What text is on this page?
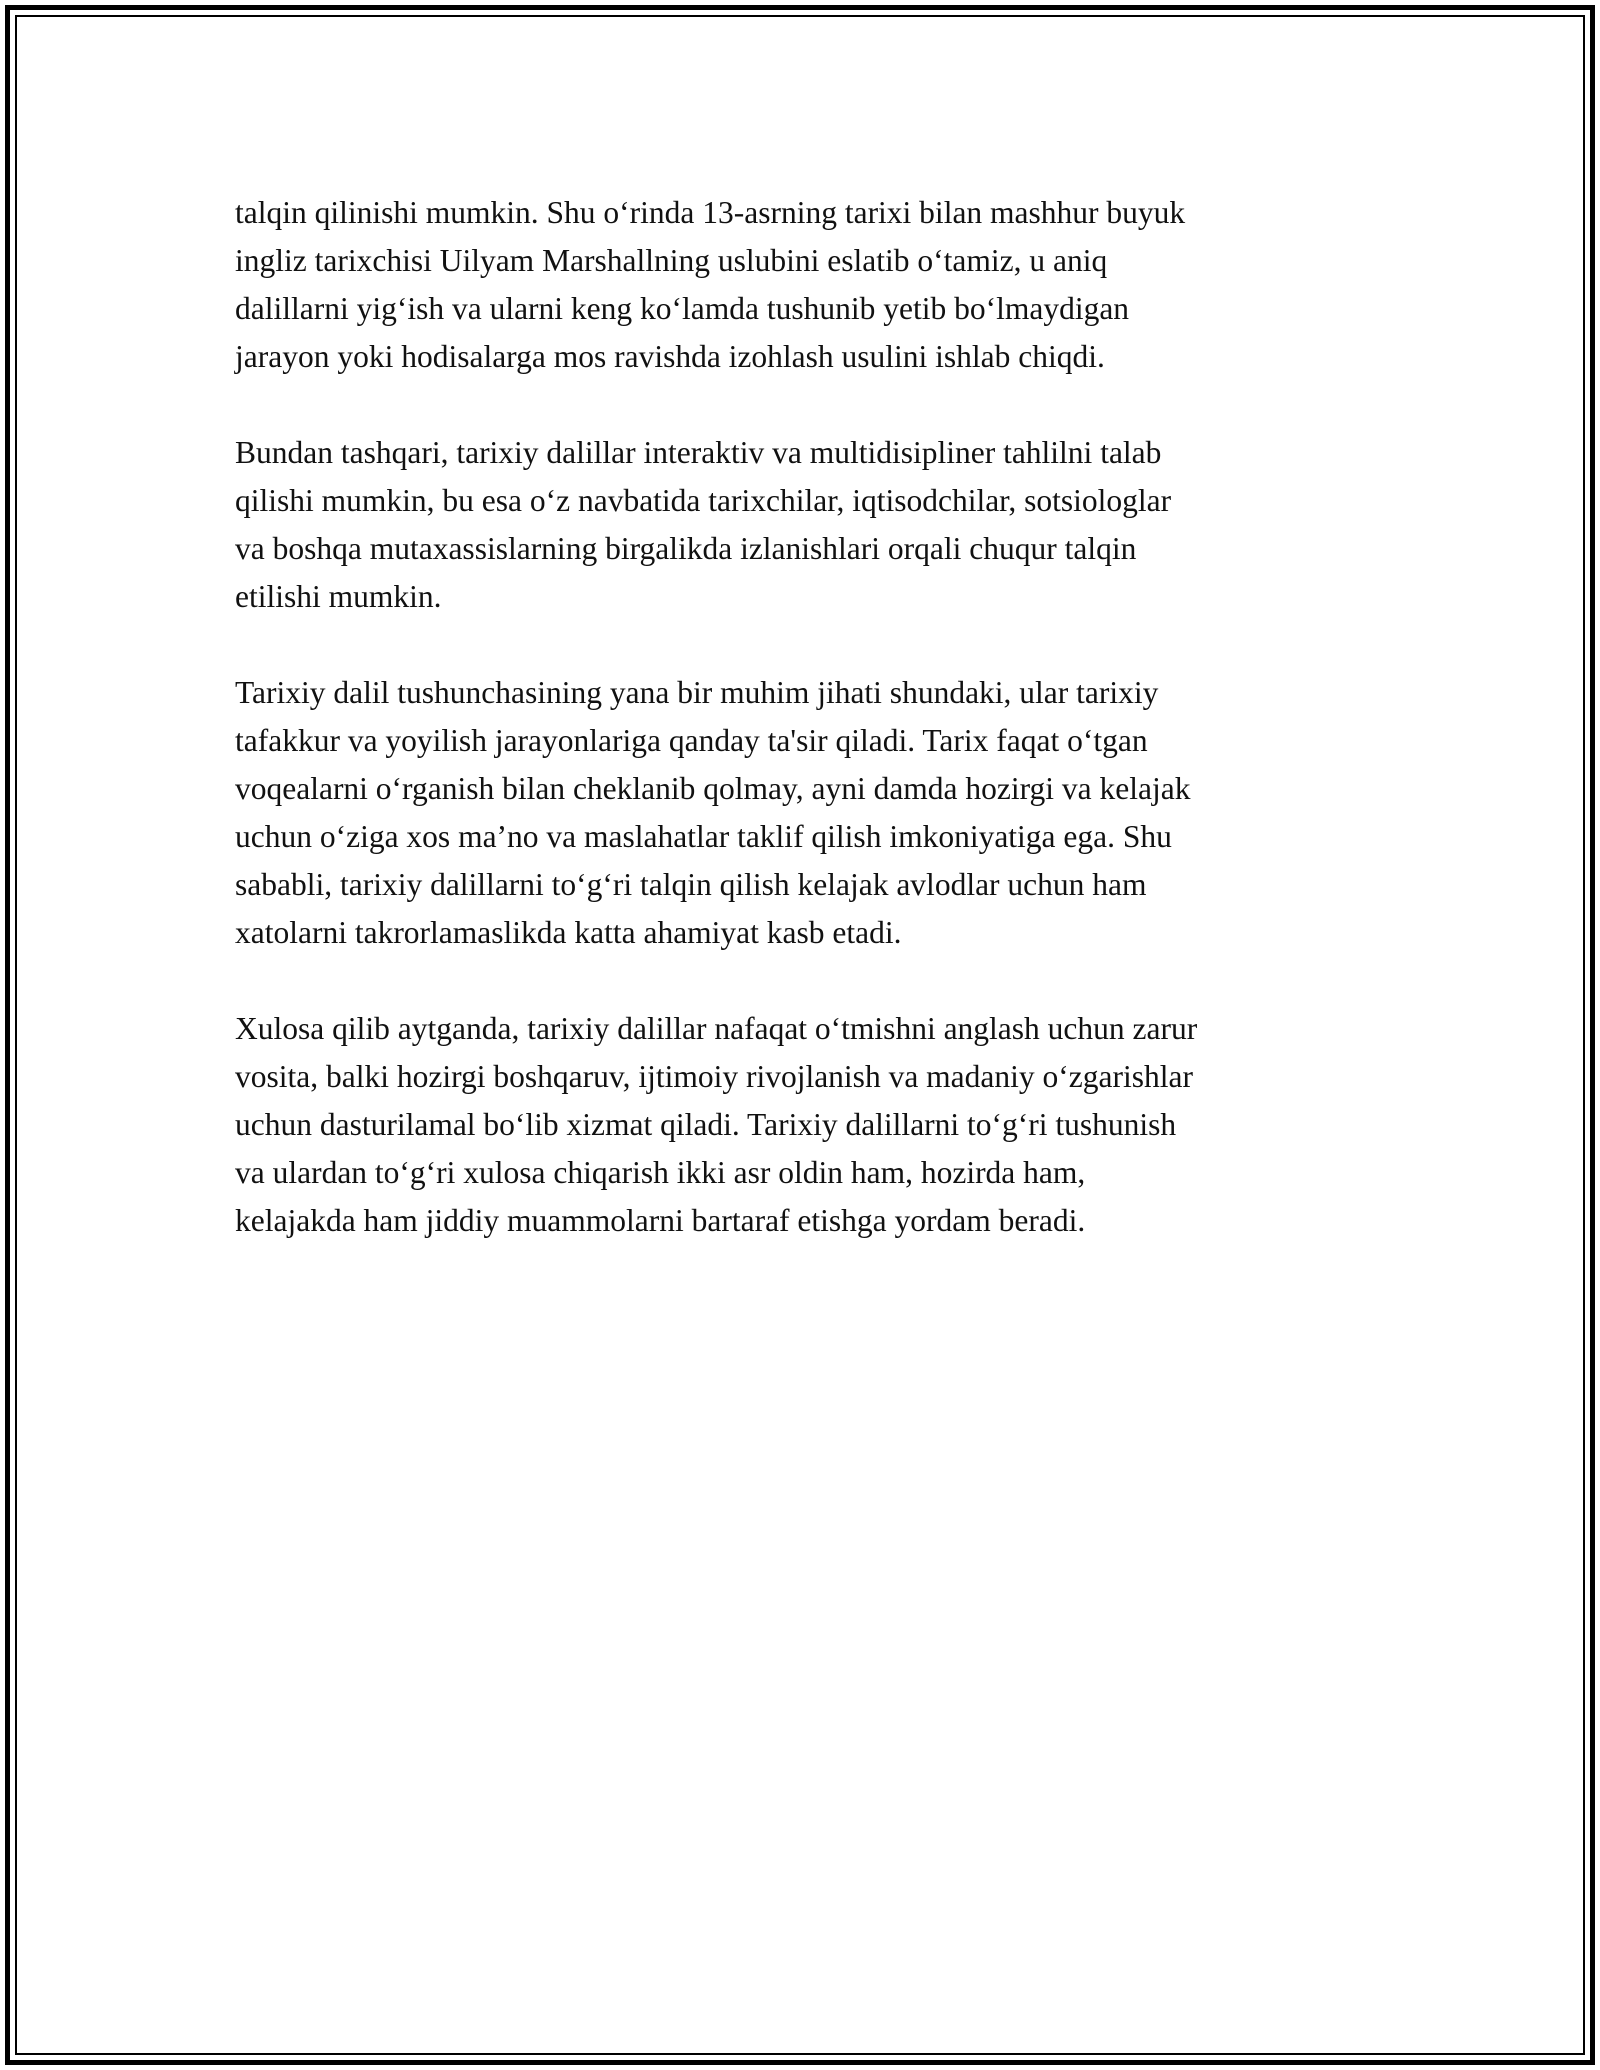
talqin qilinishi mumkin. Shu o‘rinda 13-asrning tarixi bilan mashhur buyuk
ingliz tarixchisi Uilyam Marshallning uslubini eslatib o‘tamiz, u aniq
dalillarni yig‘ish va ularni keng ko‘lamda tushunib yetib bo‘lmaydigan
jarayon yoki hodisalarga mos ravishda izohlash usulini ishlab chiqdi.

Bundan tashqari, tarixiy dalillar interaktiv va multidisipliner tahlilni talab
qilishi mumkin, bu esa o‘z navbatida tarixchilar, iqtisodchilar, sotsiologlar
va boshqa mutaxassislarning birgalikda izlanishlari orqali chuqur talqin
etilishi mumkin.

Tarixiy dalil tushunchasining yana bir muhim jihati shundaki, ular tarixiy
tafakkur va yoyilish jarayonlariga qanday ta'sir qiladi. Tarix faqat o‘tgan
voqealarni o‘rganish bilan cheklanib qolmay, ayni damda hozirgi va kelajak
uchun o‘ziga xos ma’no va maslahatlar taklif qilish imkoniyatiga ega. Shu
sababli, tarixiy dalillarni to‘g‘ri talqin qilish kelajak avlodlar uchun ham
xatolarni takrorlamaslikda katta ahamiyat kasb etadi.

Xulosa qilib aytganda, tarixiy dalillar nafaqat o‘tmishni anglash uchun zarur
vosita, balki hozirgi boshqaruv, ijtimoiy rivojlanish va madaniy o‘zgarishlar
uchun dasturilamal bo‘lib xizmat qiladi. Tarixiy dalillarni to‘g‘ri tushunish
va ulardan to‘g‘ri xulosa chiqarish ikki asr oldin ham, hozirda ham,
kelajakda ham jiddiy muammolarni bartaraf etishga yordam beradi.
